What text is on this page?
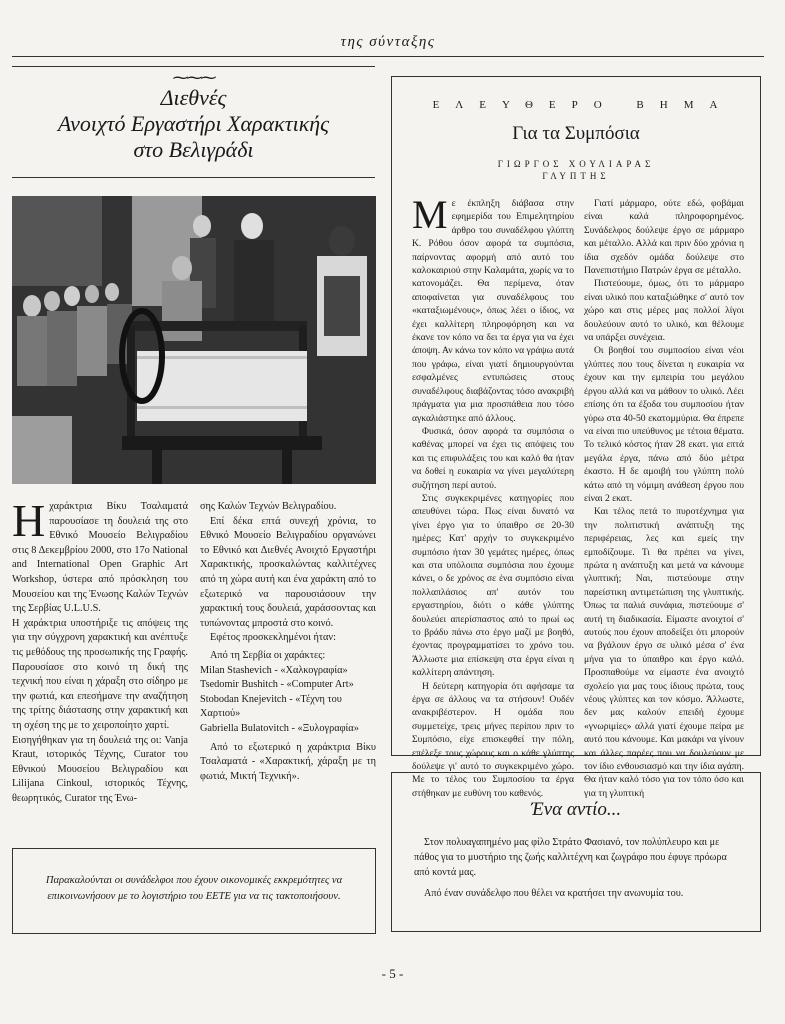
της σύνταξης
⁓⁓⁓
Διεθνές
Ανοιχτό Εργαστήρι Χαρακτικής
στο Βελιγράδι

Ηχαράκτρια Βίκυ Τσαλαματά παρουσίασε τη δουλειά της στο Εθνικό Μουσείο Βελιγραδίου στις 8 Δεκεμβρίου 2000, στο 17ο National and International Open Graphic Art Workshop, ύστερα από πρόσκληση του Μουσείου και της Ένωσης Καλών Τεχνών της Σερβίας U.L.U.S.

Η χαράκτρια υποστήριξε τις απόψεις της για την σύγχρονη χαρακτική και ανέπτυξε τις μεθόδους της προσωπικής της Γραφής. Παρουσίασε στο κοινό τη δική της τεχνική που είναι η χάραξη στο σίδηρο με την φωτιά, και επεσήμανε την αναζήτηση της τρίτης διάστασης στην χαρακτική και τη σχέση της με το χειροποίητο χαρτί.

Εισηγήθηκαν για τη δουλειά της οι: Vanja Kraut, ιστορικός Τέχνης, Curator του Εθνικού Μουσείου Βελιγραδίου και Lilijana Cinkoul, ιστορικός Τέχνης, θεωρητικός, Curator της Ένω-

σης Καλών Τεχνών Βελιγραδίου.

Επί δέκα επτά συνεχή χρόνια, το Εθνικό Μουσείο Βελιγραδίου οργανώνει το Εθνικό και Διεθνές Ανοιχτό Εργαστήρι Χαρακτικής, προσκαλώντας καλλιτέχνες από τη χώρα αυτή και ένα χαράκτη από το εξωτερικό να παρουσιάσουν την χαρακτική τους δουλειά, χαράσσοντας και τυπώνοντας μπροστά στο κοινό.

Εφέτος προσκεκλημένοι ήταν:

Από τη Σερβία οι χαράκτες:
Milan Stashevich - «Χαλκογραφία»
Tsedomir Bushitch - «Computer Art»
Stobodan Knejevitch - «Τέχνη του Χαρτιού»
Gabriella Bulatovitch - «Ξυλογραφία»

Από το εξωτερικό η χαράκτρια Βίκυ Τσαλαματά - «Χαρακτική, χάραξη με τη φωτιά, Μικτή Τεχνική».

Παρακαλούνται οι συνάδελφοι που έχουν οικονομικές εκκρεμότητες να επικοινωνήσουν με το λογιστήριο του ΕΕΤΕ για να τις τακτοποιήσουν.
ΕΛΕΥΘΕΡΟ ΒΗΜΑ
Για τα Συμπόσια
ΓΙΩΡΓΟΣ ΧΟΥΛΙΑΡΑΣ
ΓΛΥΠΤΗΣ

Με έκπληξη διάβασα στην εφημερίδα του Επιμελητηρίου άρθρο του συναδέλφου γλύπτη Κ. Ρόθου όσον αφορά τα συμπόσια, παίρνοντας αφορμή από αυτό του καλοκαιριού στην Καλαμάτα, χωρίς να το κατονομάζει. Θα περίμενα, όταν αποφαίνεται για συναδέλφους του «καταξιωμένους», όπως λέει ο ίδιος, να έχει καλλίτερη πληροφόρηση και να έκανε τον κόπο να δει τα έργα για να έχει άποψη. Αν κάνω τον κόπο να γράψω αυτά που γράφω, είναι γιατί δημιουργούνται εσφαλμένες εντυπώσεις στους συναδέλφους διαβάζοντας τόσο ανακριβή πράγματα για μια προσπάθεια που τόσο αγκαλιάστηκε από άλλους.

Φυσικά, όσον αφορά τα συμπόσια ο καθένας μπορεί να έχει τις απόψεις του και τις επιφυλάξεις του και καλό θα ήταν να δοθεί η ευκαιρία να γίνει μεγαλύτερη συζήτηση περί αυτού.

Στις συγκεκριμένες κατηγορίες που απευθύνει τώρα. Πως είναι δυνατό να γίνει έργο για το ύπαιθρο σε 20-30 ημέρες; Κατ' αρχήν το συγκεκριμένο συμπόσιο ήταν 30 γεμάτες ημέρες, όπως και στα υπόλοιπα συμπόσια που έχουμε κάνει, ο δε χρόνος σε ένα συμπόσιο είναι πολλαπλάσιος απ' αυτόν του εργαστηρίου, διότι ο κάθε γλύπτης δουλεύει απερίσπαστος από το πρωί ως το βράδυ πάνω στο έργο μαζί με βοηθό, έχοντας προγραμματίσει το χρόνο του. Άλλωστε μια επίσκεψη στα έργα είναι η καλλίτερη απάντηση.

Η δεύτερη κατηγορία ότι αφήσαμε τα έργα σε άλλους να τα στήσουν! Ουδέν ανακριβέστερον. Η ομάδα που συμμετείχε, τρεις μήνες περίπου πριν το Συμπόσιο, είχε επισκεφθεί την πόλη, επέλεξε τους χώρους και ο κάθε γλύπτης δούλεψε γι' αυτό το συγκεκριμένο χώρο. Με το τέλος του Συμποσίου τα έργα στήθηκαν με ευθύνη του καθενός.

Γιατί μάρμαρο, ούτε εδώ, φοβάμαι είναι καλά πληροφορημένος. Συνάδελφος δούλεψε έργο σε μάρμαρο και μέταλλο. Αλλά και πριν δύο χρόνια η ίδια σχεδόν ομάδα δούλεψε στο Πανεπιστήμιο Πατρών έργα σε μέταλλο.

Πιστεύουμε, όμως, ότι το μάρμαρο είναι υλικό που καταξιώθηκε σ' αυτό τον χώρο και στις μέρες μας πολλοί λίγοι δουλεύουν αυτό το υλικό, και θέλουμε να υπάρξει συνέχεια.

Οι βοηθοί του συμποσίου είναι νέοι γλύπτες που τους δίνεται η ευκαιρία να έχουν και την εμπειρία του μεγάλου έργου αλλά και να μάθουν το υλικό. Λέει επίσης ότι τα έξοδα του συμποσίου ήταν γύρω στα 40-50 εκατομμύρια. Θα έπρεπε να είναι πιο υπεύθυνος με τέτοια θέματα. Το τελικό κόστος ήταν 28 εκατ. για επτά μεγάλα έργα, πάνω από δύο μέτρα έκαστο. Η δε αμοιβή του γλύπτη πολύ κάτω από τη νόμιμη ανάθεση έργου που είναι 2 εκατ.

Και τέλος πετά το πυροτέχνημα για την πολιτιστική ανάπτυξη της περιφέρειας, λες και εμείς την εμποδίζουμε. Τι θα πρέπει να γίνει, πρώτα η ανάπτυξη και μετά να κάνουμε γλυπτική; Ναι, πιστεύουμε στην παρείστικη αντιμετώπιση της γλυπτικής. Όπως τα παλιά συνάφια, πιστεύουμε σ' αυτή τη διαδικασία. Είμαστε ανοιχτοί σ' αυτούς που έχουν αποδείξει ότι μπορούν να βγάλουν έργο σε υλικό μέσα σ' ένα μήνα για το ύπαιθρο και έργο καλό. Προσπαθούμε να είμαστε ένα ανοιχτό σχολείο για μας τους ίδιους πρώτα, τους νέους γλύπτες και τον κόσμο. Άλλωστε, δεν μας καλούν επειδή έχουμε «γνωριμίες» αλλά γιατί έχουμε πείρα με αυτό που κάνουμε. Και μακάρι να γίνουν και άλλες παρέες που να δουλεύουν με τον ίδιο ενθουσιασμό και την ίδια αγάπη. Θα ήταν καλό τόσο για τον τόπο όσο και για τη γλυπτική

Ένα αντίο...
Στον πολυαγαπημένο μας φίλο Στράτο Φασιανό, τον πολύπλευρο και με πάθος για το μυστήριο της ζωής καλλιτέχνη και ζωγράφο που έφυγε πρόωρα από κοντά μας.
Από έναν συνάδελφο που θέλει να κρατήσει την ανωνυμία του.
- 5 -
